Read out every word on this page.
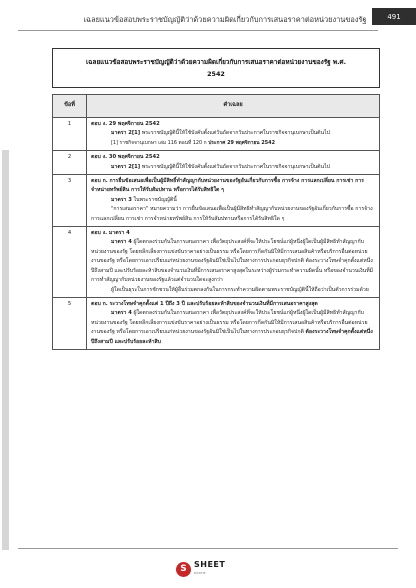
เฉลยแนวข้อสอบพระราชบัญญัติว่าด้วยความผิดเกี่ยวกับการเสนอราคาต่อหน่วยงานของรัฐ	491
เฉลยแนวข้อสอบพระราชบัญญัติว่าด้วยความผิดเกี่ยวกับการเสนอราคาต่อหน่วยงานของรัฐ พ.ศ.
2542
ข้อที่	คำเฉลย
1	ตอบ ง. 29 พฤศจิกายน 2542
มาตรา 2[1] พระราชบัญญัตินี้ให้ใช้บังคับตั้งแต่วันถัดจากวันประกาศในราชกิจจานุเบกษาเป็นต้นไป
[1] ราชกิจจานุเบกษา เล่ม 116 ตอนที่ 120 ก ประกาศ 29 พฤศจิกายน 2542

2	ตอบ ง. 30 พฤศจิกายน 2542
มาตรา 2[1] พระราชบัญญัตินี้ให้ใช้บังคับตั้งแต่วันถัดจากวันประกาศในราชกิจจานุเบกษาเป็นต้นไป

3	ตอบ ก. การยื่นข้อเสนอเพื่อเป็นผู้มีสิทธิ์ทำสัญญากับหน่วยงานของรัฐอันเกี่ยวกับการซื้อ การจ้าง การแลกเปลี่ยน การเช่า การจำหน่ายทรัพย์สิน การให้รับสัมปทาน หรือการได้รับสิทธิใด ๆ
มาตรา 3 ในพระราชบัญญัตินี้
"การเสนอราคา" หมายความว่า การยื่นข้อเสนอเพื่อเป็นผู้มีสิทธิทำสัญญากับหน่วยงานของรัฐอันเกี่ยวกับการซื้อ การจ้าง การแลกเปลี่ยน การเช่า การจำหน่ายทรัพย์สิน การให้รับสัมปทานหรือการได้รับสิทธิใด ๆ

4	ตอบ ง. มาตรา 4
มาตรา 4 ผู้ใดตกลงร่วมกันในการเสนอราคา เพื่อวัตถุประสงค์ที่จะให้ประโยชน์แก่ผู้หนึ่งผู้ใดเป็นผู้มีสิทธิทำสัญญากับหน่วยงานของรัฐ โดยหลีกเลี่ยงการแข่งขันราคาอย่างเป็นธรรม หรือโดยการกีดกันมิให้มีการเสนอสินค้าหรือบริการอื่นต่อหน่วยงานของรัฐ หรือโดยการเอาเปรียบแก่หน่วยงานของรัฐอันมิใช่เป็นไปในทางการประกอบธุรกิจปกติ ต้องระวางโทษจำคุกตั้งแต่หนึ่งปีถึงสามปี และปรับร้อยละห้าสิบของจำนวนเงินที่มีการเสนอราคาสูงสุดในระหว่างผู้ร่วมกระทำความผิดนั้น หรือของจำนวนเงินที่มีการทำสัญญากับหน่วยงานของรัฐแล้วแต่จำนวนใดจะสูงกว่า
ผู้ใดเป็นธุระในการชักชวนให้ผู้อื่นร่วมตกลงกันในการกระทำความผิดตามพระราชบัญญัตินี้ให้ถือว่าเป็นตัวการร่วมด้วย

5	ตอบ ก. ระวางโทษจำคุกตั้งแต่ 1 ปีถึง 3 ปี และปรับร้อยละห้าสิบของจำนวนเงินที่มีการเสนอราคาสูงสุด
มาตรา 4 ผู้ใดตกลงร่วมกันในการเสนอราคา เพื่อวัตถุประสงค์ที่จะให้ประโยชน์แก่ผู้หนึ่งผู้ใดเป็นผู้มีสิทธิทำสัญญากับหน่วยงานของรัฐ โดยหลีกเลี่ยงการแข่งขันราคาอย่างเป็นธรรม หรือโดยการกีดกันมิให้มีการเสนอสินค้าหรือบริการอื่นต่อหน่วยงานของรัฐ หรือโดยการเอาเปรียบแก่หน่วยงานของรัฐอันมิใช่เป็นไปในทางการประกอบธุรกิจปกติ ต้องระวางโทษจำคุกตั้งแต่หนึ่งปีถึงสามปี และปรับร้อยละห้าสิบ
S SHEET
store
